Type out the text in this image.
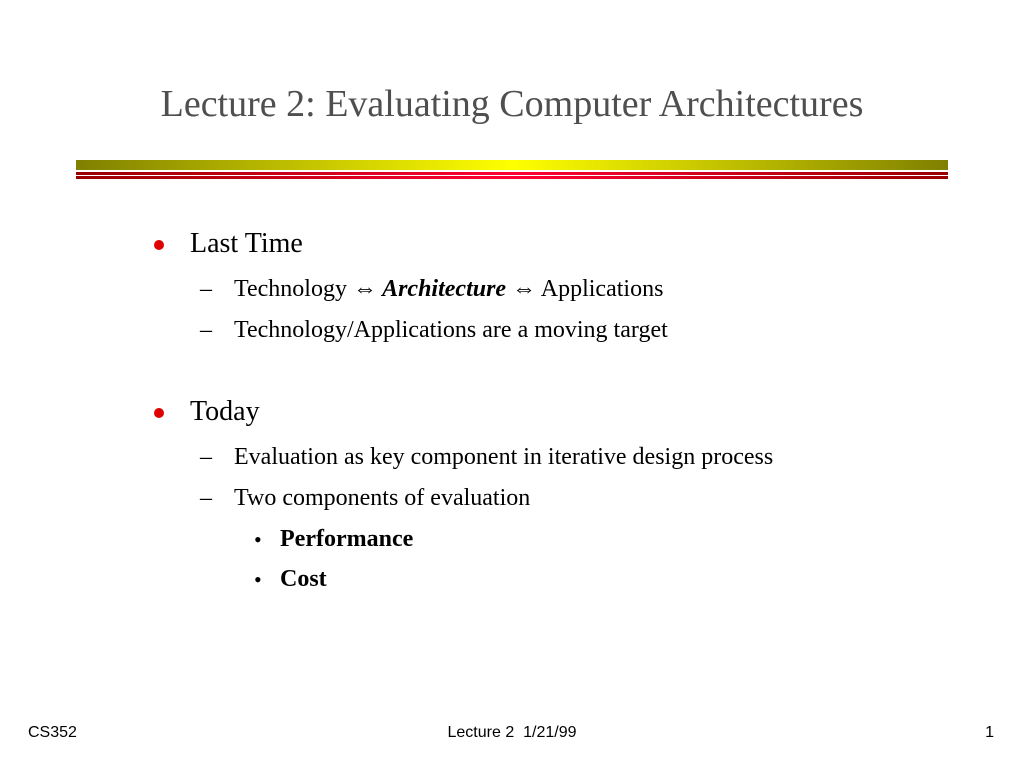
Lecture 2: Evaluating Computer Architectures
Last Time
– Technology ⇔ Architecture ⇔ Applications
– Technology/Applications are a moving target
Today
– Evaluation as key component in iterative design process
– Two components of evaluation
• Performance
• Cost
CS352	Lecture 2  1/21/99	1
